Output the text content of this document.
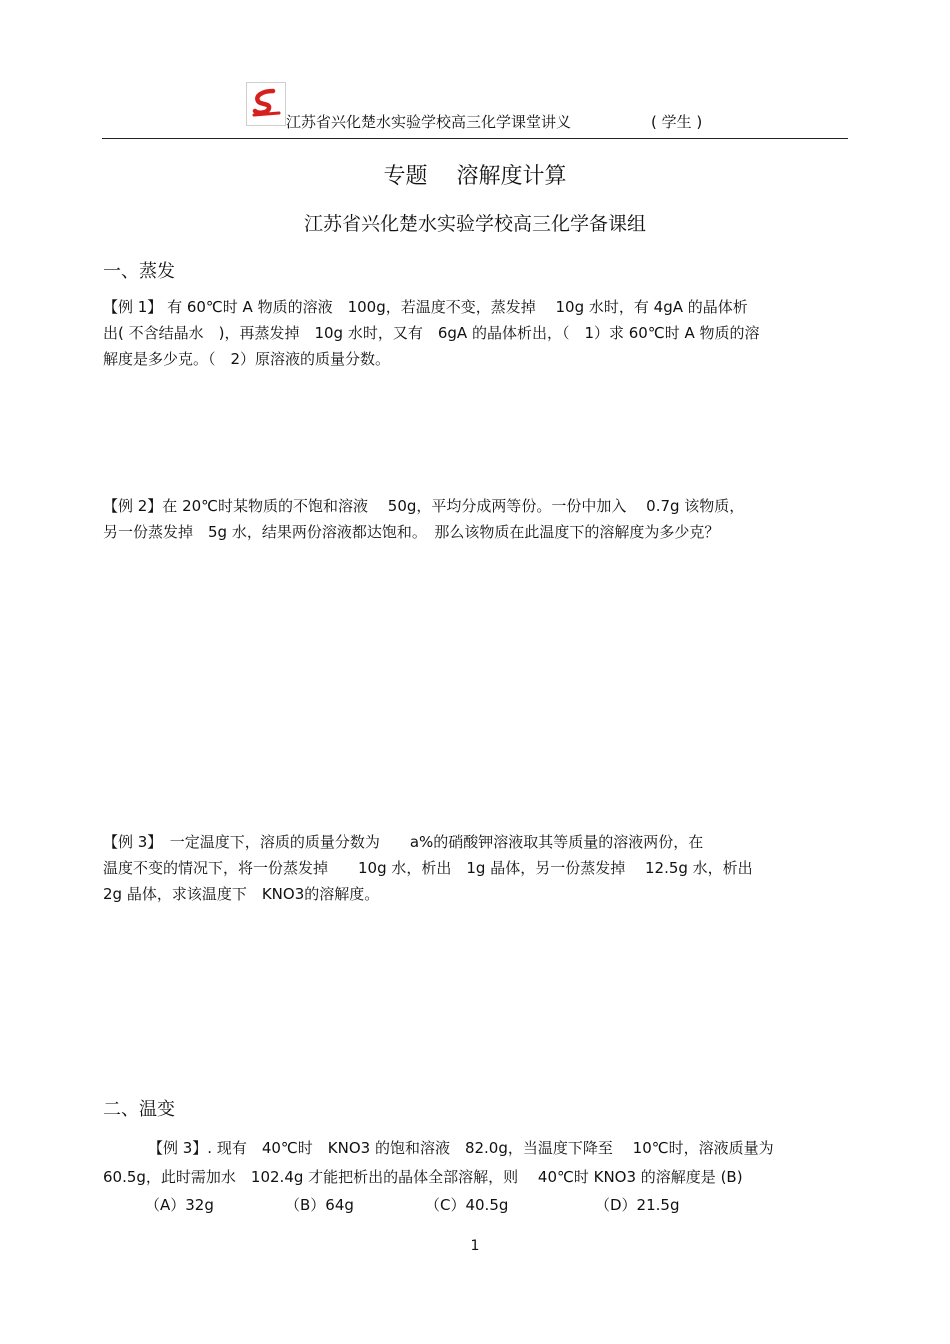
江苏省兴化楚水实验学校高三化学课堂讲义	( 学生 )
专题　 溶解度计算
江苏省兴化楚水实验学校高三化学备课组
一、蒸发
【例 1】 有 60℃时 A 物质的溶液　100g，若温度不变，蒸发掉　 10g 水时，有 4gA 的晶体析
出( 不含结晶水　)，再蒸发掉　10g 水时，又有　6gA 的晶体析出，（　1）求 60℃时 A 物质的溶
解度是多少克。（　2）原溶液的质量分数。
【例 2】在 20℃时某物质的不饱和溶液　 50g，平均分成两等份。一份中加入　 0.7g 该物质，
另一份蒸发掉　5g 水，结果两份溶液都达饱和。　那么该物质在此温度下的溶解度为多少克？
【例 3】　一定温度下，溶质的质量分数为　　a%的硝酸钾溶液取其等质量的溶液两份，在
温度不变的情况下，将一份蒸发掉　　10g 水，析出　1g 晶体，另一份蒸发掉　 12.5g 水，析出
2g 晶体，求该温度下　KNO3的溶解度。
二、温变
【例 3】. 现有　40℃时　KNO3 的饱和溶液　82.0g，当温度下降至　 10℃时，溶液质量为
60.5g，此时需加水　102.4g 才能把析出的晶体全部溶解，则　 40℃时 KNO3 的溶解度是 (B)
（A）32g	（B）64g	（C）40.5g	（D）21.5g
1
